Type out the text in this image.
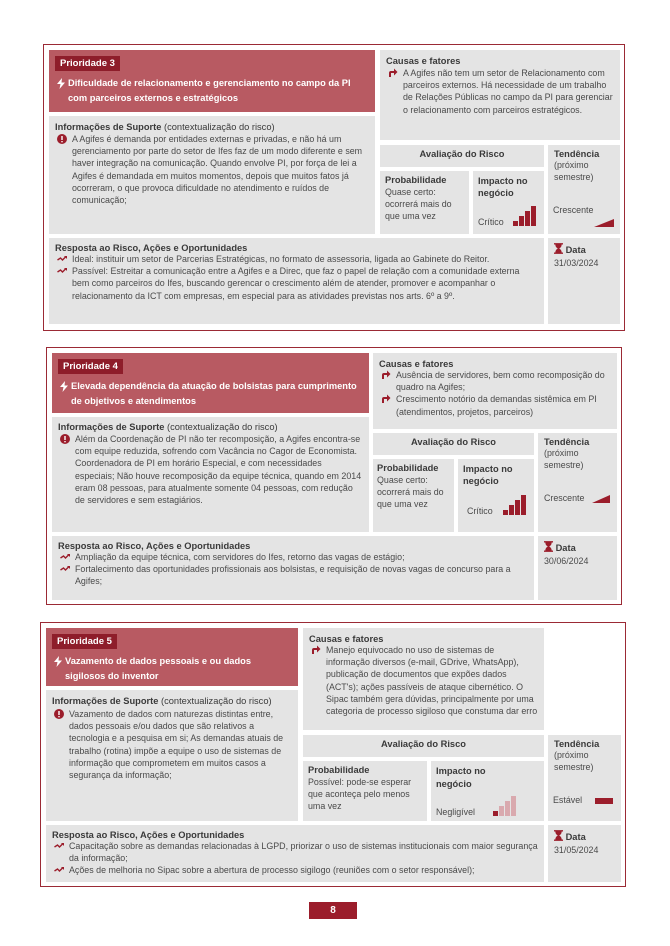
Prioridade 3
Dificuldade de relacionamento e gerenciamento no campo da PI com parceiros externos e estratégicos
Causas e fatores
A Agifes não tem um setor de Relacionamento com parceiros externos. Há necessidade de um trabalho de Relações Públicas no campo da PI para gerenciar o relacionamento com parceiros estratégicos.
Informações de Suporte (contextualização do risco)
A Agifes é demanda por entidades externas e privadas, e não há um gerenciamento por parte do setor de Ifes faz de um modo diferente e sem haver integração na comunicação. Quando envolve PI, por força de lei a Agifes é demandada em muitos momentos, depois que muitos fatos já ocorreram, o que provoca dificuldade no atendimento e ruídos de comunicação;
Avaliação do Risco
Probabilidade
Quase certo: ocorrerá mais do que uma vez
Impacto no negócio
Crítico
Tendência
(próximo semestre)
Crescente
Resposta ao Risco, Ações e Oportunidades
Ideal: instituir um setor de Parcerias Estratégicas, no formato de assessoria, ligada ao Gabinete do Reitor.
Passível: Estreitar a comunicação entre a Agifes e a Direc, que faz o papel de relação com a comunidade externa bem como parceiros do Ifes, buscando gerencar o crescimento além de atender, promover e acompanhar o relacionamento da ICT com empresas, em especial para as atividades previstas nos arts. 6º a 9º.
Data
31/03/2024
Prioridade 4
Elevada dependência da atuação de bolsistas para cumprimento de objetivos e atendimentos
Causas e fatores
Ausência de servidores, bem como recomposição do quadro na Agifes;
Crescimento notório da demandas sistêmica em PI (atendimentos, projetos, parceiros)
Informações de Suporte (contextualização do risco)
Além da Coordenação de PI não ter recomposição, a Agifes encontra-se com equipe reduzida, sofrendo com Vacância no Cagor de Economista. Coordenadora de PI em horário Especial, e com necessidades especiais; Não houve recomposição da equipe técnica, quando em 2014 eram 08 pessoas, para atualmente somente 04 pessoas, com redução de servidores e sem estagiários.
Avaliação do Risco
Probabilidade
Quase certo: ocorrerá mais do que uma vez
Impacto no negócio
Crítico
Tendência
(próximo semestre)
Crescente
Resposta ao Risco, Ações e Oportunidades
Ampliação da equipe técnica, com servidores do Ifes, retorno das vagas de estágio;
Fortalecimento das oportunidades profissionais aos bolsistas, e requisição de novas vagas de concurso para a Agifes;
Data
30/06/2024
Prioridade 5
Vazamento de dados pessoais e ou dados sigilosos do inventor
Causas e fatores
Manejo equivocado no uso de sistemas de informação diversos (e-mail, GDrive, WhatsApp), publicação de documentos que expões dados (ACT's); ações passíveis de ataque cibernético. O Sipac também gera dúvidas, principalmente por uma categoria de processo sigiloso que constuma dar erro
Informações de Suporte (contextualização do risco)
Vazamento de dados com naturezas distintas entre, dados pessoais e/ou dados que são relativos a tecnologia e a pesquisa em si; As demandas atuais de trabalho (rotina) impõe a equipe o uso de sistemas de informação que comprometem em muitos casos a segurança da informação;
Avaliação do Risco
Probabilidade
Possível: pode-se esperar que aconteça pelo menos uma vez
Impacto no negócio
Negligível
Tendência
(próximo semestre)
Estável
Resposta ao Risco, Ações e Oportunidades
Capacitação sobre as demandas relacionadas à LGPD, priorizar o uso de sistemas institucionais com maior segurança da informação;
Ações de melhoria no Sipac sobre a abertura de processo sigilogo (reuniões com o setor responsável);
Data
31/05/2024
8
